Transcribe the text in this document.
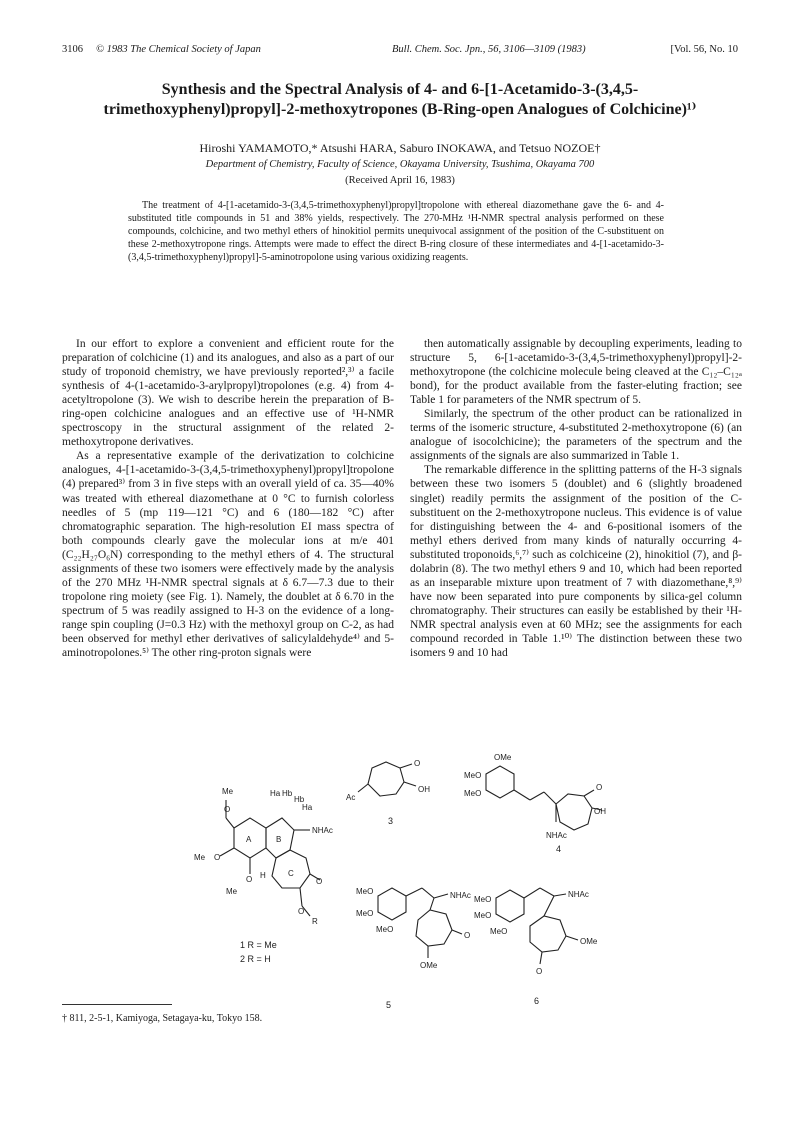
3106 © 1983 The Chemical Society of Japan	Bull. Chem. Soc. Jpn., 56, 3106—3109 (1983)	[Vol. 56, No. 10
Synthesis and the Spectral Analysis of 4- and 6-[1-Acetamido-3-(3,4,5-trimethoxyphenyl)propyl]-2-methoxytropones (B-Ring-open Analogues of Colchicine)¹⁾
Hiroshi YAMAMOTO,* Atsushi HARA, Saburo INOKAWA, and Tetsuo NOZOE†
Department of Chemistry, Faculty of Science, Okayama University, Tsushima, Okayama 700
(Received April 16, 1983)
The treatment of 4-[1-acetamido-3-(3,4,5-trimethoxyphenyl)propyl]tropolone with ethereal diazomethane gave the 6- and 4-substituted title compounds in 51 and 38% yields, respectively. The 270-MHz ¹H-NMR spectral analysis performed on these compounds, colchicine, and two methyl ethers of hinokitiol permits unequivocal assignment of the position of the C-substituent on these 2-methoxytropone rings. Attempts were made to effect the direct B-ring closure of these intermediates and 4-[1-acetamido-3-(3,4,5-trimethoxyphenyl)propyl]-5-aminotropolone using various oxidizing reagents.

In our effort to explore a convenient and efficient route for the preparation of colchicine (1) and its analogues, and also as a part of our study of troponoid chemistry, we have previously reported²,³⁾ a facile synthesis of 4-(1-acetamido-3-arylpropyl)tropolones (e.g. 4) from 4-acetyltropolone (3). We wish to describe herein the preparation of B-ring-open colchicine analogues and an effective use of ¹H-NMR spectroscopy in the structural assignment of the related 2-methoxytropone derivatives.

As a representative example of the derivatization to colchicine analogues, 4-[1-acetamido-3-(3,4,5-trimethoxyphenyl)propyl]tropolone (4) prepared³⁾ from 3 in five steps with an overall yield of ca. 35—40% was treated with ethereal diazomethane at 0 °C to furnish colorless needles of 5 (mp 119—121 °C) and 6 (180—182 °C) after chromatographic separation. The high-resolution EI mass spectra of both compounds clearly gave the molecular ions at m/e 401 (C₂₂H₂₇O₆N) corresponding to the methyl ethers of 4. The structural assignments of these two isomers were effectively made by the analysis of the 270 MHz ¹H-NMR spectral signals at δ 6.7—7.3 due to their tropolone ring moiety (see Fig. 1). Namely, the doublet at δ 6.70 in the spectrum of 5 was readily assigned to H-3 on the evidence of a long-range spin coupling (J=0.3 Hz) with the methoxyl group on C-2, as had been observed for methyl ether derivatives of salicylaldehyde⁴⁾ and 5-aminotropolones.⁵⁾ The other ring-proton signals were

then automatically assignable by decoupling experiments, leading to structure 5, 6-[1-acetamido-3-(3,4,5-trimethoxyphenyl)propyl]-2-methoxytropone (the colchicine molecule being cleaved at the C₁₂–C₁₂ₐ bond), for the product available from the faster-eluting fraction; see Table 1 for parameters of the NMR spectrum of 5.

Similarly, the spectrum of the other product can be rationalized in terms of the isomeric structure, 4-substituted 2-methoxytropone (6) (an analogue of isocolchicine); the parameters of the spectrum and the assignments of the signals are also summarized in Table 1.

The remarkable difference in the splitting patterns of the H-3 signals between these two isomers 5 (doublet) and 6 (slightly broadened singlet) readily permits the assignment of the position of the C-substituent on the 2-methoxytropone nucleus. This evidence is of value for distinguishing between the 4- and 6-positional isomers of the methyl ethers derived from many kinds of naturally occurring 4-substituted troponoids,⁶,⁷⁾ such as colchiceine (2), hinokitiol (7), and β-dolabrin (8). The two methyl ethers 9 and 10, which had been reported as an inseparable mixture upon treatment of 7 with diazomethane,⁸,⁹⁾ have now been separated into pure components by silica-gel column chromatography. Their structures can easily be established by their ¹H-NMR spectral analysis even at 60 MHz; see the assignments for each compound recorded in Table 1.¹⁰⁾ The distinction between these two isomers 9 and 10 had

Me
O
Ha Hb
Hb
Ha
A	B
C
NHAc
Me O
O H
Me
O
O
R
1 R = Me
2 R = H
O
OH
Ac
3
OMe
MeO
MeO
O
OH
NHAc
4
MeO
MeO
MeO
NHAc
O
OMe
5
MeO
MeO
MeO
NHAc
O
OMe
6
† 811, 2-5-1, Kamiyoga, Setagaya-ku, Tokyo 158.
